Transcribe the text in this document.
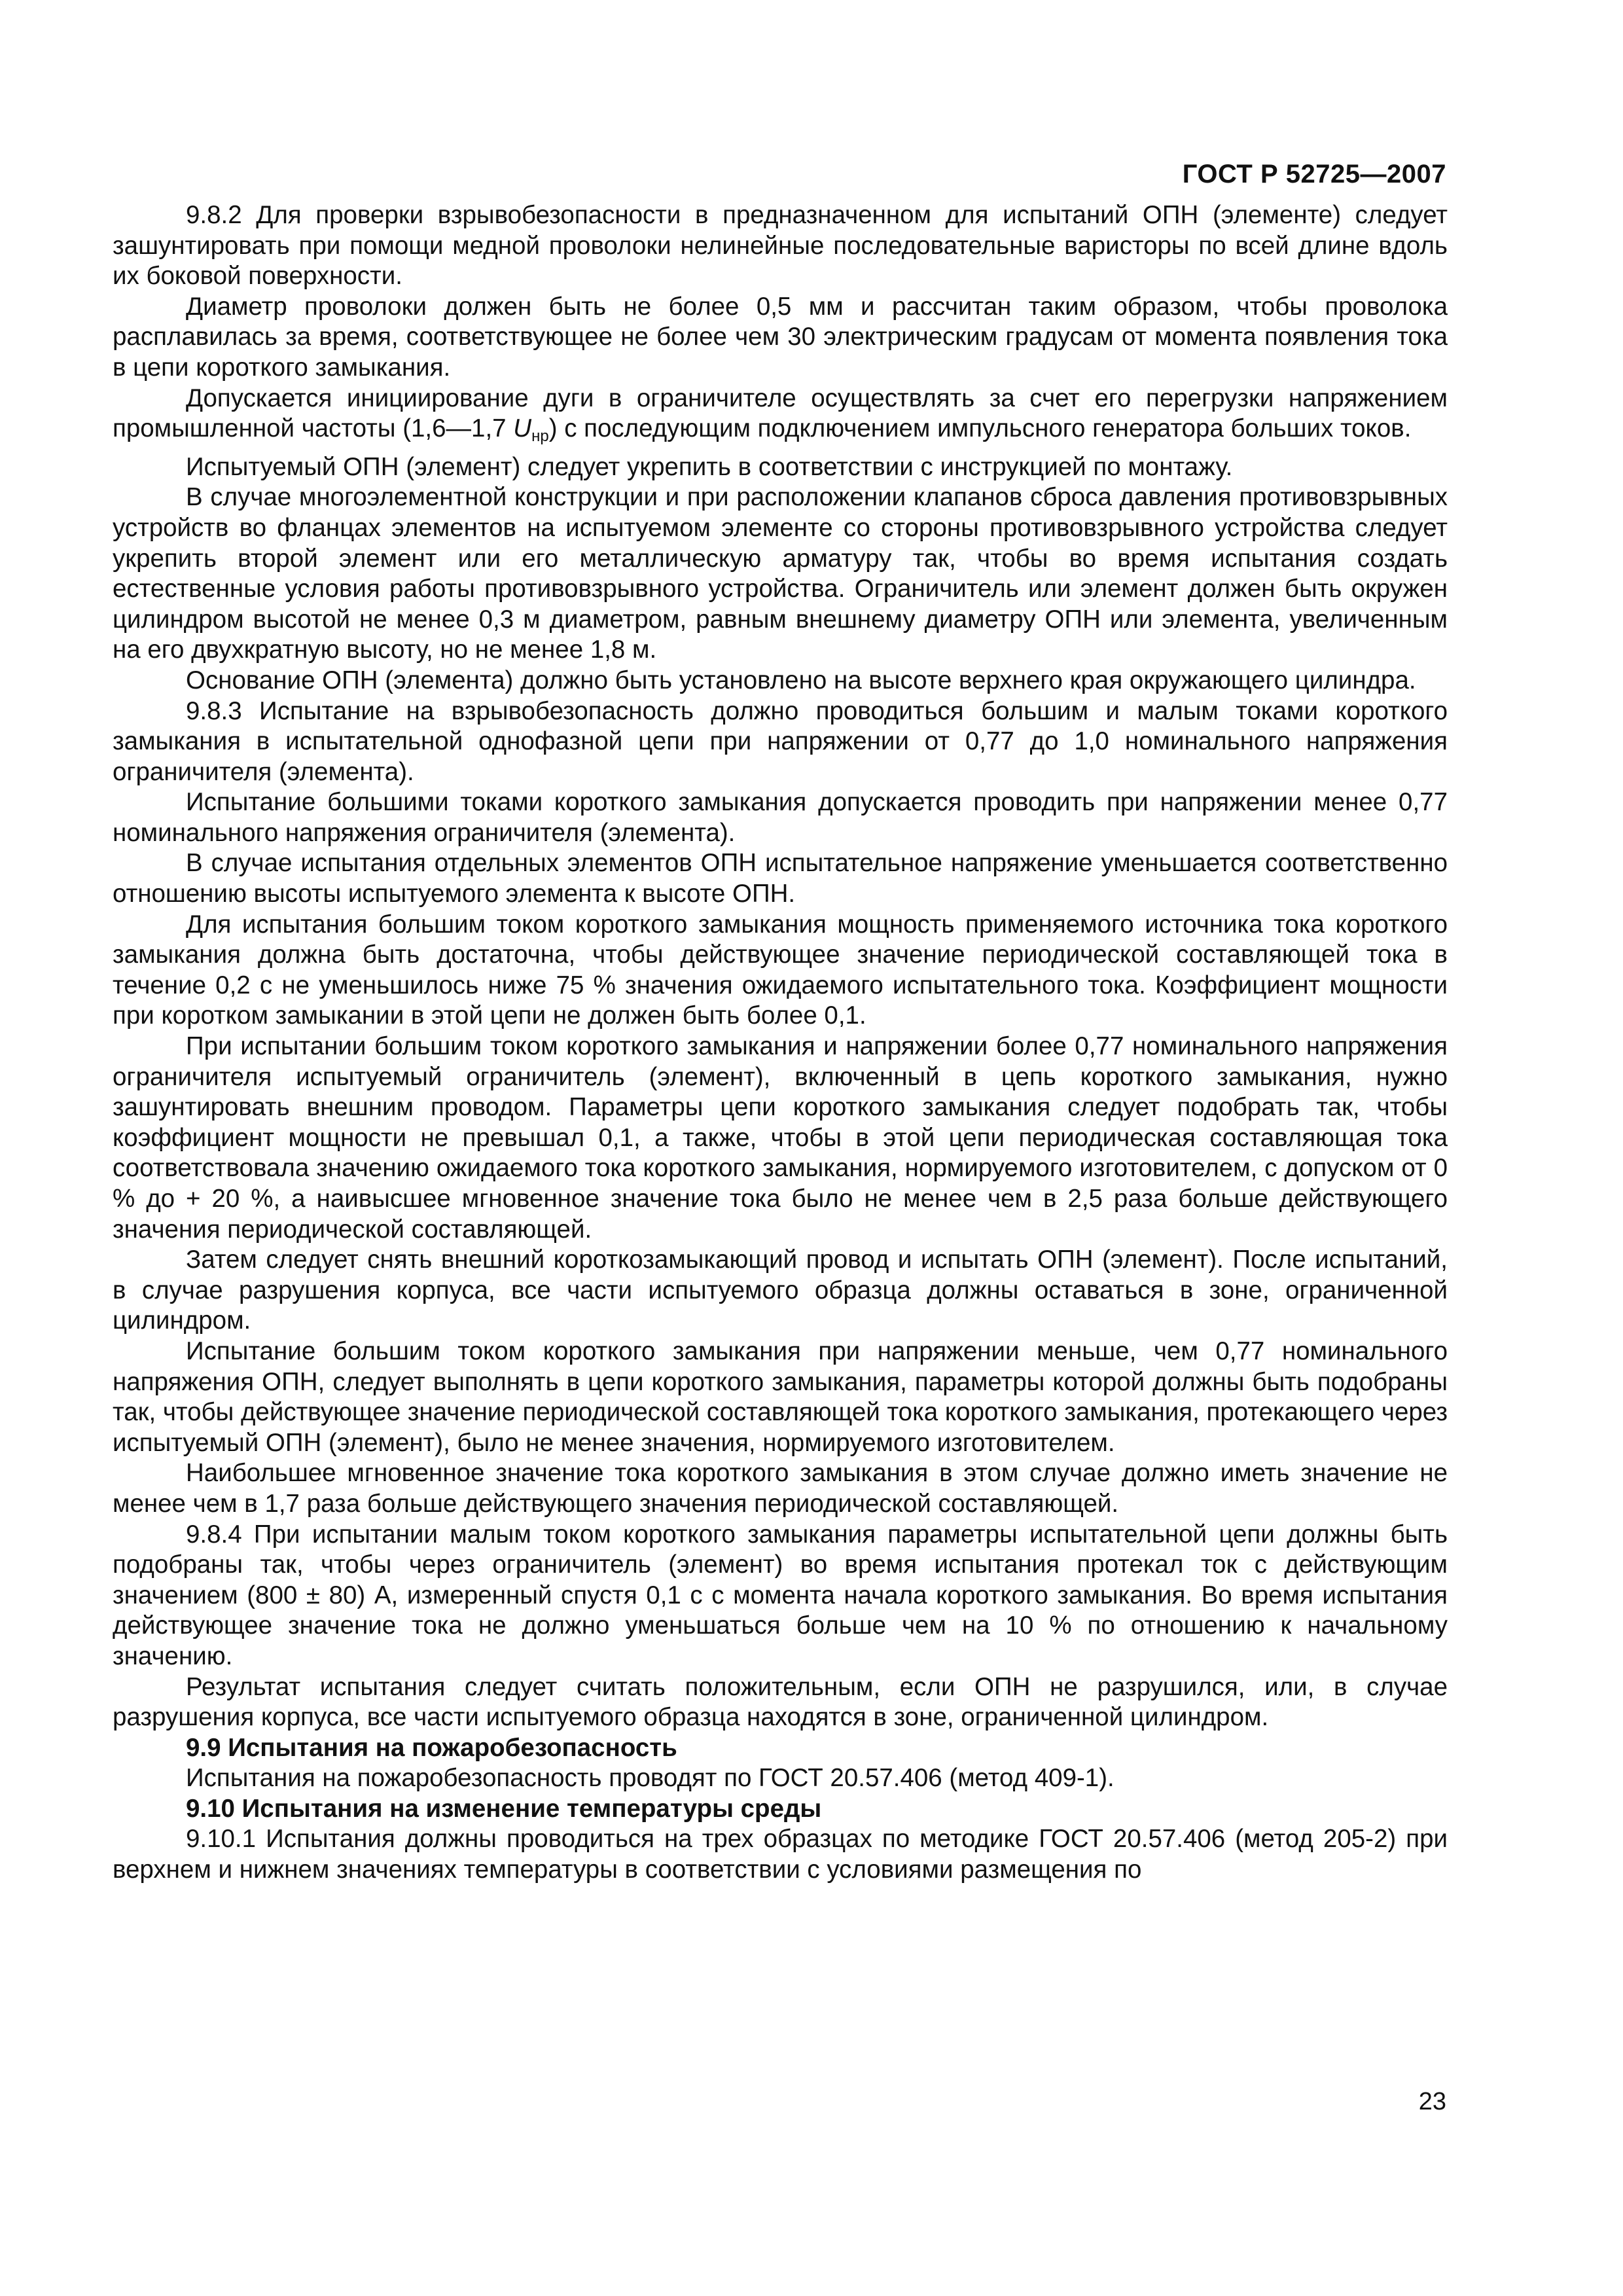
ГОСТ Р 52725—2007

9.8.2 Для проверки взрывобезопасности в предназначенном для испытаний ОПН (элементе) следует зашунтировать при помощи медной проволоки нелинейные последовательные варисторы по всей длине вдоль их боковой поверхности.

Диаметр проволоки должен быть не более 0,5 мм и рассчитан таким образом, чтобы проволока расплавилась за время, соответствующее не более чем 30 электрическим градусам от момента появления тока в цепи короткого замыкания.

Допускается инициирование дуги в ограничителе осуществлять за счет его перегрузки напряжением промышленной частоты (1,6—1,7 $U_{нр}$) с последующим подключением импульсного генератора больших токов.

Испытуемый ОПН (элемент) следует укрепить в соответствии с инструкцией по монтажу.

В случае многоэлементной конструкции и при расположении клапанов сброса давления противовзрывных устройств во фланцах элементов на испытуемом элементе со стороны противовзрывного устройства следует укрепить второй элемент или его металлическую арматуру так, чтобы во время испытания создать естественные условия работы противовзрывного устройства. Ограничитель или элемент должен быть окружен цилиндром высотой не менее 0,3 м диаметром, равным внешнему диаметру ОПН или элемента, увеличенным на его двухкратную высоту, но не менее 1,8 м.

Основание ОПН (элемента) должно быть установлено на высоте верхнего края окружающего цилиндра.

9.8.3 Испытание на взрывобезопасность должно проводиться большим и малым токами короткого замыкания в испытательной однофазной цепи при напряжении от 0,77 до 1,0 номинального напряжения ограничителя (элемента).

Испытание большими токами короткого замыкания допускается проводить при напряжении менее 0,77 номинального напряжения ограничителя (элемента).

В случае испытания отдельных элементов ОПН испытательное напряжение уменьшается соответственно отношению высоты испытуемого элемента к высоте ОПН.

Для испытания большим током короткого замыкания мощность применяемого источника тока короткого замыкания должна быть достаточна, чтобы действующее значение периодической составляющей тока в течение 0,2 с не уменьшилось ниже 75 % значения ожидаемого испытательного тока. Коэффициент мощности при коротком замыкании в этой цепи не должен быть более 0,1.

При испытании большим током короткого замыкания и напряжении более 0,77 номинального напряжения ограничителя испытуемый ограничитель (элемент), включенный в цепь короткого замыкания, нужно зашунтировать внешним проводом. Параметры цепи короткого замыкания следует подобрать так, чтобы коэффициент мощности не превышал 0,1, а также, чтобы в этой цепи периодическая составляющая тока соответствовала значению ожидаемого тока короткого замыкания, нормируемого изготовителем, с допуском от 0 % до + 20 %, а наивысшее мгновенное значение тока было не менее чем в 2,5 раза больше действующего значения периодической составляющей.

Затем следует снять внешний короткозамыкающий провод и испытать ОПН (элемент). После испытаний, в случае разрушения корпуса, все части испытуемого образца должны оставаться в зоне, ограниченной цилиндром.

Испытание большим током короткого замыкания при напряжении меньше, чем 0,77 номинального напряжения ОПН, следует выполнять в цепи короткого замыкания, параметры которой должны быть подобраны так, чтобы действующее значение периодической составляющей тока короткого замыкания, протекающего через испытуемый ОПН (элемент), было не менее значения, нормируемого изготовителем.

Наибольшее мгновенное значение тока короткого замыкания в этом случае должно иметь значение не менее чем в 1,7 раза больше действующего значения периодической составляющей.

9.8.4 При испытании малым током короткого замыкания параметры испытательной цепи должны быть подобраны так, чтобы через ограничитель (элемент) во время испытания протекал ток с действующим значением (800 ± 80) А, измеренный спустя 0,1 с с момента начала короткого замыкания. Во время испытания действующее значение тока не должно уменьшаться больше чем на 10 % по отношению к начальному значению.

Результат испытания следует считать положительным, если ОПН не разрушился, или, в случае разрушения корпуса, все части испытуемого образца находятся в зоне, ограниченной цилиндром.

9.9 Испытания на пожаробезопасность

Испытания на пожаробезопасность проводят по ГОСТ 20.57.406 (метод 409-1).

9.10 Испытания на изменение температуры среды

9.10.1 Испытания должны проводиться на трех образцах по методике ГОСТ 20.57.406 (метод 205-2) при верхнем и нижнем значениях температуры в соответствии с условиями размещения по

23
